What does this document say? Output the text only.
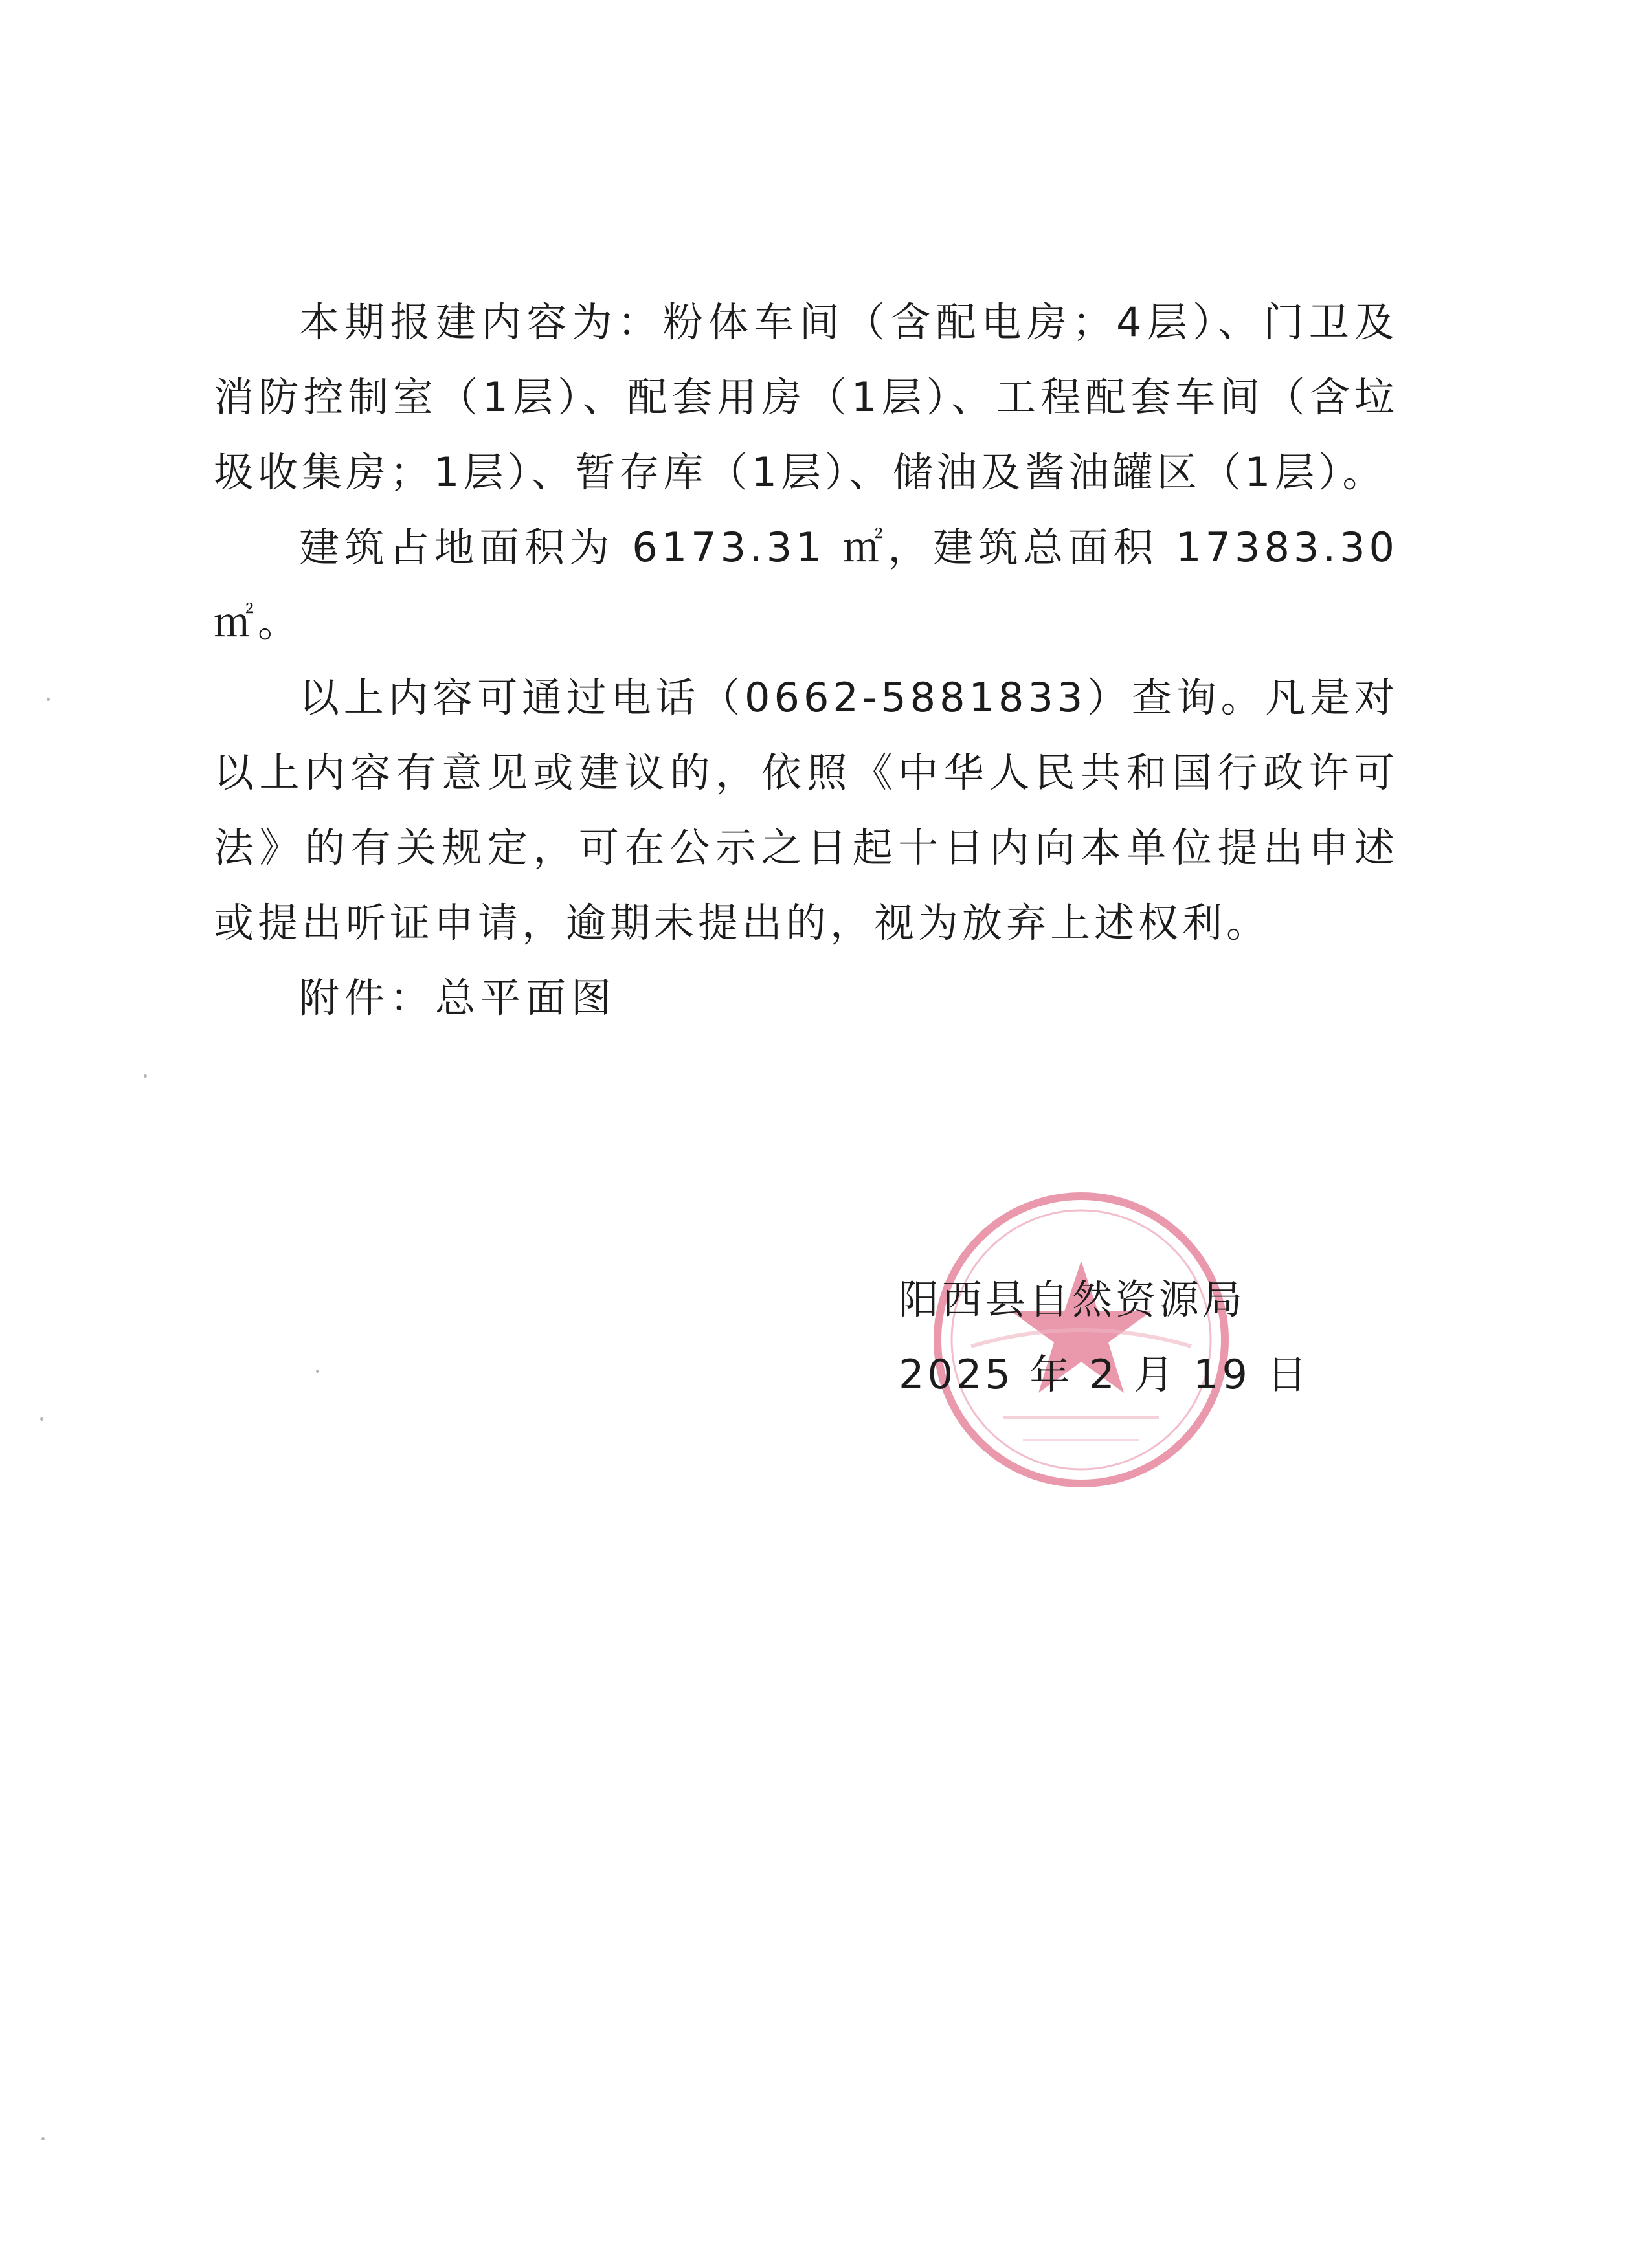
本期报建内容为：粉体车间（含配电房；4层）、门卫及消防控制室（1层）、配套用房（1层）、工程配套车间（含垃圾收集房；1层）、暂存库（1层）、储油及酱油罐区（1层）。

建筑占地面积为 6173.31 ㎡，建筑总面积 17383.30 ㎡。

以上内容可通过电话（0662-5881833）查询。凡是对以上内容有意见或建议的，依照《中华人民共和国行政许可法》的有关规定，可在公示之日起十日内向本单位提出申述或提出听证申请，逾期未提出的，视为放弃上述权利。

附件：总平面图
阳西县自然资源局
2025 年 2 月 19 日
